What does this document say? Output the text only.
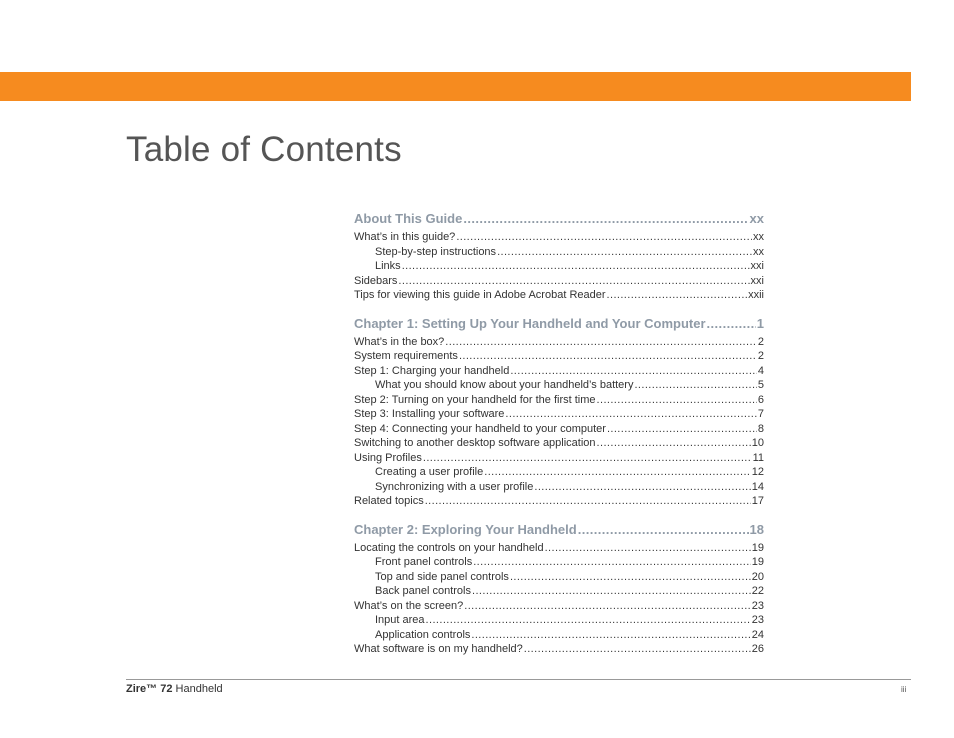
Table of Contents
About This Guide .....	xx
What’s in this guide? .....	xx
Step-by-step instructions .....	xx
Links .....	xxi
Sidebars .....	xxi
Tips for viewing this guide in Adobe Acrobat Reader .....	xxii
Chapter 1: Setting Up Your Handheld and Your Computer .....	1
What’s in the box? .....	2
System requirements .....	2
Step 1: Charging your handheld .....	4
What you should know about your handheld’s battery .....	5
Step 2: Turning on your handheld for the first time .....	6
Step 3: Installing your software .....	7
Step 4: Connecting your handheld to your computer .....	8
Switching to another desktop software application .....	10
Using Profiles .....	11
Creating a user profile .....	12
Synchronizing with a user profile .....	14
Related topics .....	17
Chapter 2: Exploring Your Handheld .....	18
Locating the controls on your handheld .....	19
Front panel controls .....	19
Top and side panel controls .....	20
Back panel controls .....	22
What’s on the screen? .....	23
Input area .....	23
Application controls .....	24
What software is on my handheld? .....	26
Zire™ 72 Handheld	iii
